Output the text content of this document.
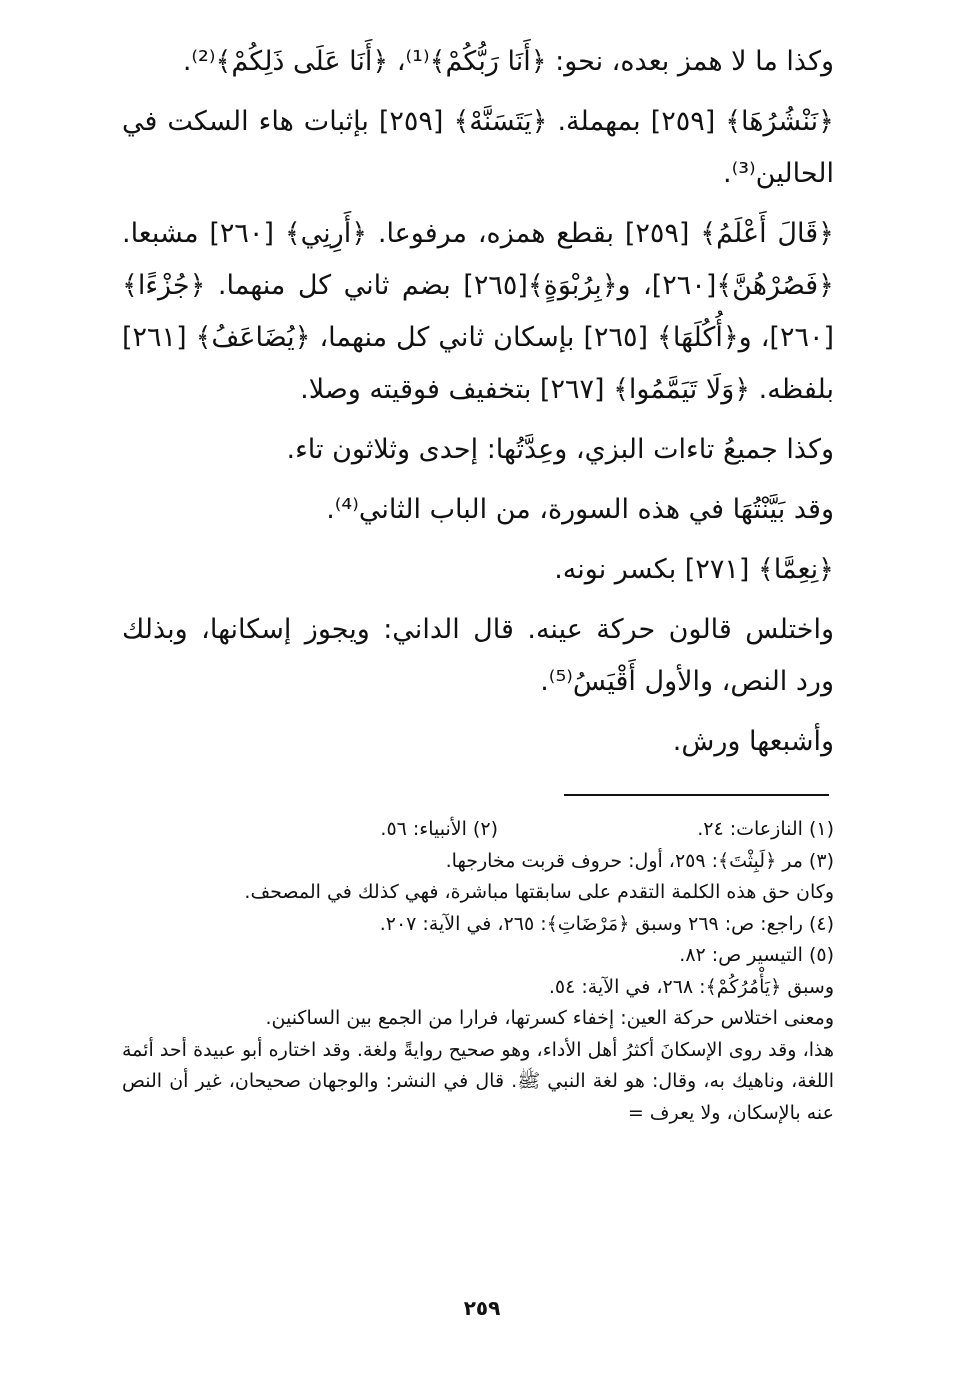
وكذا ما لا همز بعده، نحو: ﴿أَنَا رَبُّكُمْ﴾⁽¹⁾، ﴿أَنَا عَلَى ذَلِكُمْ﴾⁽²⁾.

﴿نَنْشُرُهَا﴾ [٢٥٩] بمهملة. ﴿يَتَسَنَّهْ﴾ [٢٥٩] بإثبات هاء السكت في الحالين⁽³⁾.

﴿قَالَ أَعْلَمُ﴾ [٢٥٩] بقطع همزه، مرفوعا. ﴿أَرِنِي﴾ [٢٦٠] مشبعا. ﴿فَصُرْهُنَّ﴾[٢٦٠]، و﴿بِرُبْوَةٍ﴾[٢٦٥] بضم ثاني كل منهما. ﴿جُزْءًا﴾ [٢٦٠]، و﴿أُكُلَهَا﴾ [٢٦٥] بإسكان ثاني كل منهما، ﴿يُضَاعَفُ﴾ [٢٦١] بلفظه. ﴿وَلَا تَيَمَّمُوا﴾ [٢٦٧] بتخفيف فوقيته وصلا.

وكذا جميعُ تاءات البزي، وعِدَّتُها: إحدى وثلاثون تاء.

وقد بَيَّنْتُهَا في هذه السورة، من الباب الثاني⁽⁴⁾.

﴿نِعِمَّا﴾ [٢٧١] بكسر نونه.

واختلس قالون حركة عينه. قال الداني: ويجوز إسكانها، وبذلك ورد النص، والأول أَقْيَسُ⁽⁵⁾.

وأشبعها ورش.

(١) النازعات: ٢٤.
(٢) الأنبياء: ٥٦.

(٣) مر ﴿لَبِثْتَ﴾: ٢٥٩، أول: حروف قربت مخارجها.

وكان حق هذه الكلمة التقدم على سابقتها مباشرة، فهي كذلك في المصحف.

(٤) راجع: ص: ٢٦٩ وسبق ﴿مَرْضَاتِ﴾: ٢٦٥، في الآية: ٢٠٧.

(٥) التيسير ص: ٨٢.

وسبق ﴿يَأْمُرُكُمْ﴾: ٢٦٨، في الآية: ٥٤.

ومعنى اختلاس حركة العين: إخفاء كسرتها، فرارا من الجمع بين الساكنين.

هذا، وقد روى الإسكانَ أكثرُ أهل الأداء، وهو صحيح روايةً ولغة. وقد اختاره أبو عبيدة أحد أئمة اللغة، وناهيك به، وقال: هو لغة النبي ﷺ. قال في النشر: والوجهان صحيحان، غير أن النص عنه بالإسكان، ولا يعرف =

٢٥٩
